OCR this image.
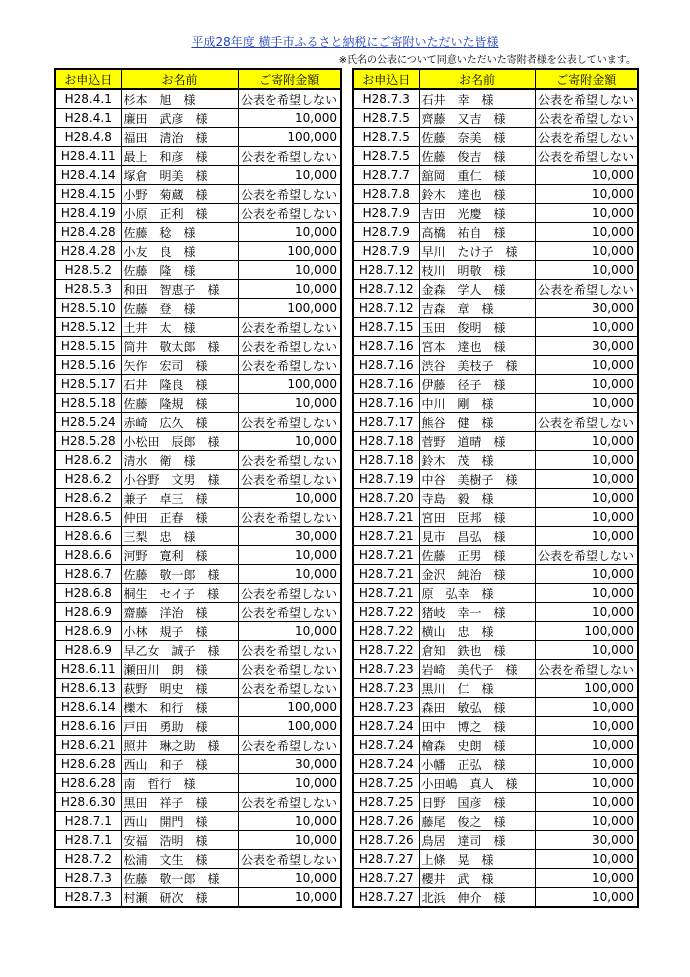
平成28年度 横手市ふるさと納税にご寄附いただいた皆様
※氏名の公表について同意いただいた寄附者様を公表しています。
お申込日	お名前	ご寄附金額
H28.4.1	杉本　旭　様	公表を希望しない
H28.4.1	廉田　武彦　様	10,000
H28.4.8	福田　清治　様	100,000
H28.4.11	最上　和彦　様	公表を希望しない
H28.4.14	塚倉　明美　様	10,000
H28.4.15	小野　菊蔵　様	公表を希望しない
H28.4.19	小原　正利　様	公表を希望しない
H28.4.28	佐藤　稔　様	10,000
H28.4.28	小友　良　様	100,000
H28.5.2	佐藤　隆　様	10,000
H28.5.3	和田　智恵子　様	10,000
H28.5.10	佐藤　登　様	100,000
H28.5.12	土井　太　様	公表を希望しない
H28.5.15	筒井　敬太郎　様	公表を希望しない
H28.5.16	矢作　宏司　様	公表を希望しない
H28.5.17	石井　隆良　様	100,000
H28.5.18	佐藤　隆規　様	10,000
H28.5.24	赤崎　広久　様	公表を希望しない
H28.5.28	小松田　辰郎　様	10,000
H28.6.2	清水　衛　様	公表を希望しない
H28.6.2	小谷野　文男　様	公表を希望しない
H28.6.2	兼子　卓三　様	10,000
H28.6.5	仲田　正春　様	公表を希望しない
H28.6.6	三梨　忠　様	30,000
H28.6.6	河野　寛利　様	10,000
H28.6.7	佐藤　敬一郎　様	10,000
H28.6.8	桐生　セイ子　様	公表を希望しない
H28.6.9	齋藤　洋治　様	公表を希望しない
H28.6.9	小林　規子　様	10,000
H28.6.9	早乙女　誠子　様	公表を希望しない
H28.6.11	瀬田川　朗　様	公表を希望しない
H28.6.13	萩野　明史　様	公表を希望しない
H28.6.14	櫟木　和行　様	100,000
H28.6.16	戸田　勇助　様	100,000
H28.6.21	照井　琳之助　様	公表を希望しない
H28.6.28	西山　和子　様	30,000
H28.6.28	南　哲行　様	10,000
H28.6.30	黒田　祥子　様	公表を希望しない
H28.7.1	西山　開門　様	10,000
H28.7.1	安福　浩明　様	10,000
H28.7.2	松浦　文生　様	公表を希望しない
H28.7.3	佐藤　敬一郎　様	10,000
H28.7.3	村瀬　研次　様	10,000
お申込日	お名前	ご寄附金額
H28.7.3	石井　幸　様	公表を希望しない
H28.7.5	齊藤　又吉　様	公表を希望しない
H28.7.5	佐藤　奈美　様	公表を希望しない
H28.7.5	佐藤　俊吉　様	公表を希望しない
H28.7.7	舘岡　重仁　様	10,000
H28.7.8	鈴木　達也　様	10,000
H28.7.9	吉田　光慶　様	10,000
H28.7.9	高橋　祐自　様	10,000
H28.7.9	早川　たけ子　様	10,000
H28.7.12	枝川　明敬　様	10,000
H28.7.12	金森　学人　様	公表を希望しない
H28.7.12	吉森　章　様	30,000
H28.7.15	玉田　俊明　様	10,000
H28.7.16	宮本　達也　様	30,000
H28.7.16	渋谷　美枝子　様	10,000
H28.7.16	伊藤　径子　様	10,000
H28.7.16	中川　剛　様	10,000
H28.7.17	熊谷　健　様	公表を希望しない
H28.7.18	菅野　道晴　様	10,000
H28.7.18	鈴木　茂　様	10,000
H28.7.19	中谷　美樹子　様	10,000
H28.7.20	寺島　毅　様	10,000
H28.7.21	宮田　臣邦　様	10,000
H28.7.21	見市　昌弘　様	10,000
H28.7.21	佐藤　正男　様	公表を希望しない
H28.7.21	金沢　純治　様	10,000
H28.7.21	原　弘幸　様	10,000
H28.7.22	猪岐　幸一　様	10,000
H28.7.22	横山　忠　様	100,000
H28.7.22	倉知　鉄也　様	10,000
H28.7.23	岩崎　美代子　様	公表を希望しない
H28.7.23	黒川　仁　様	100,000
H28.7.23	森田　敏弘　様	10,000
H28.7.24	田中　博之　様	10,000
H28.7.24	檜森　史朗　様	10,000
H28.7.24	小幡　正弘　様	10,000
H28.7.25	小田嶋　真人　様	10,000
H28.7.25	日野　国彦　様	10,000
H28.7.26	藤尾　俊之　様	10,000
H28.7.26	鳥居　達司　様	30,000
H28.7.27	上條　晃　様	10,000
H28.7.27	櫻井　武　様	10,000
H28.7.27	北浜　伸介　様	10,000
